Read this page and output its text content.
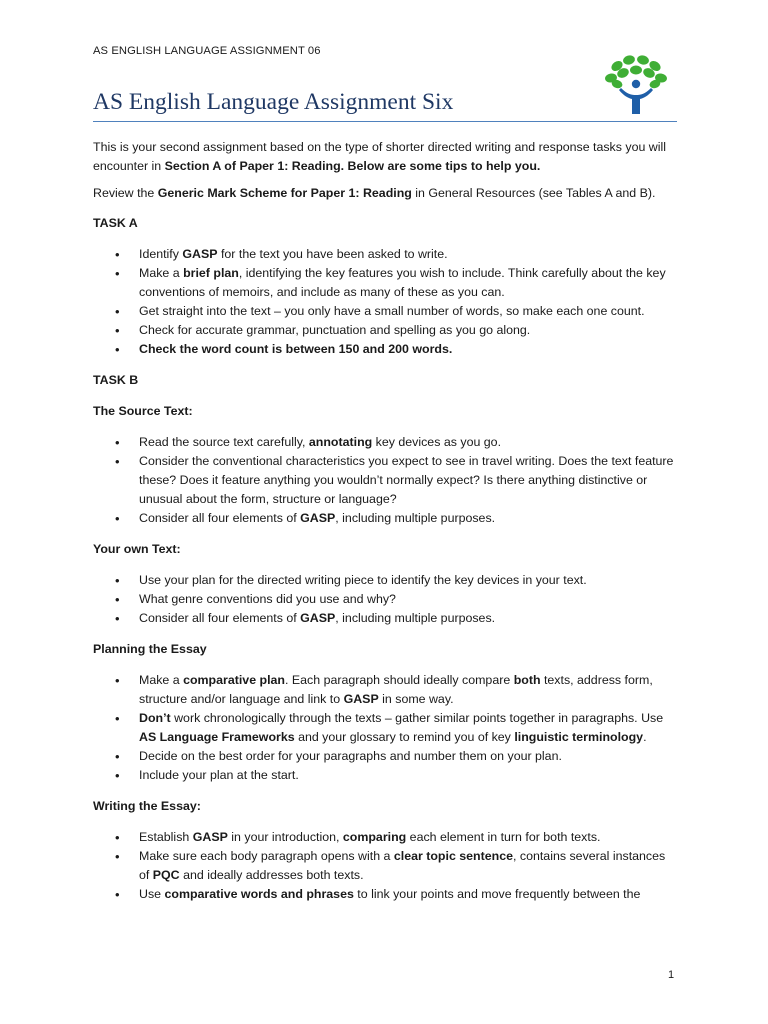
AS ENGLISH LANGUAGE ASSIGNMENT 06
AS English Language Assignment Six

This is your second assignment based on the type of shorter directed writing and response tasks you will encounter in Section A of Paper 1: Reading. Below are some tips to help you.

Review the Generic Mark Scheme for Paper 1: Reading in General Resources (see Tables A and B).

TASK A

• Identify GASP for the text you have been asked to write.
• Make a brief plan, identifying the key features you wish to include. Think carefully about the key conventions of memoirs, and include as many of these as you can.
• Get straight into the text – you only have a small number of words, so make each one count.
• Check for accurate grammar, punctuation and spelling as you go along.
• Check the word count is between 150 and 200 words.

TASK B

The Source Text:

• Read the source text carefully, annotating key devices as you go.
• Consider the conventional characteristics you expect to see in travel writing. Does the text feature these? Does it feature anything you wouldn’t normally expect? Is there anything distinctive or unusual about the form, structure or language?
• Consider all four elements of GASP, including multiple purposes.

Your own Text:

• Use your plan for the directed writing piece to identify the key devices in your text.
• What genre conventions did you use and why?
• Consider all four elements of GASP, including multiple purposes.

Planning the Essay

• Make a comparative plan. Each paragraph should ideally compare both texts, address form, structure and/or language and link to GASP in some way.
• Don’t work chronologically through the texts – gather similar points together in paragraphs. Use AS Language Frameworks and your glossary to remind you of key linguistic terminology.
• Decide on the best order for your paragraphs and number them on your plan.
• Include your plan at the start.

Writing the Essay:

• Establish GASP in your introduction, comparing each element in turn for both texts.
• Make sure each body paragraph opens with a clear topic sentence, contains several instances of PQC and ideally addresses both texts.
• Use comparative words and phrases to link your points and move frequently between the
1
